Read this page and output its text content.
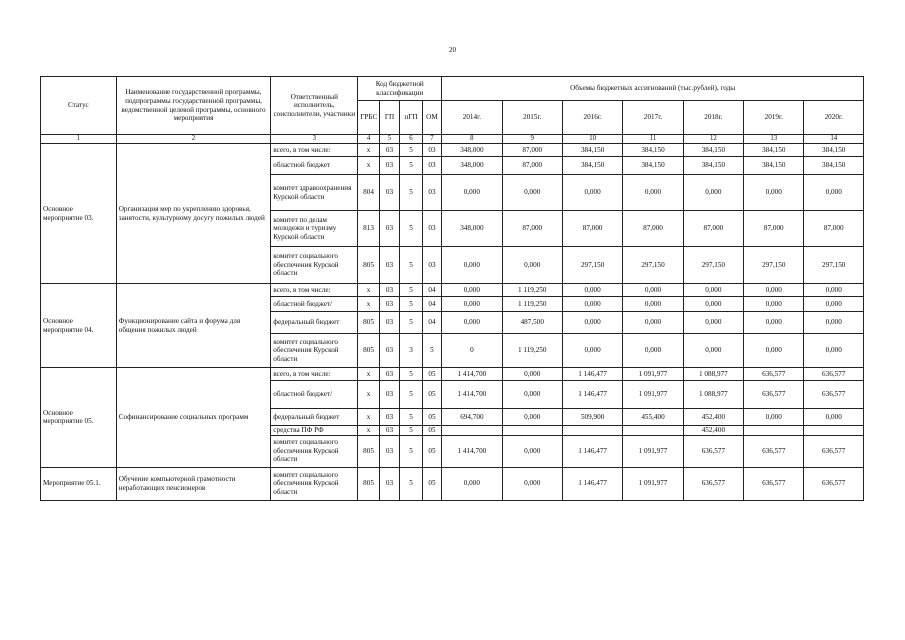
20
Статус	Наименование государственной программы, подпрограммы государственной программы, ведомственной целевой программы, основного мероприятия	Ответственный исполнитель, соисполнители, участники	Код бюджетной классификации				Объемы бюджетных ассигнований (тыс.рублей), годы						
			ГРБС	ГП	пГП	ОМ	2014г.	2015г.	2016г.	2017г.	2018г.	2019г.	2020г.
1	2	3	4	5	6	7	8	9	10	11	12	13	14
Основное мероприятие 03.	Организация мер по укреплению здоровья, занятости, культурному досугу пожилых людей	всего, в том числе:	x	03	5	03	348,000	87,000	384,150	384,150	384,150	384,150	384,150
		областной бюджет	x	03	5	03	348,000	87,000	384,150	384,150	384,150	384,150	384,150
		комитет здравоохранения Курской области	804	03	5	03	0,000	0,000	0,000	0,000	0,000	0,000	0,000
		комитет по делам молодежи и туризму Курской области	813	03	5	03	348,000	87,000	87,000	87,000	87,000	87,000	87,000
		комитет социального обеспечения Курской области	805	03	5	03	0,000	0,000	297,150	297,150	297,150	297,150	297,150
Основное мероприятие 04.	Функционирование сайта и форума для общения пожилых людей	всего, в том числе:	x	03	5	04	0,000	1 119,250	0,000	0,000	0,000	0,000	0,000
		областной бюджет/	x	03	5	04	0,000	1 119,250	0,000	0,000	0,000	0,000	0,000
		федеральный бюджет	805	03	5	04	0,000	487,500	0,000	0,000	0,000	0,000	0,000
		комитет социального обеспечения Курской области	805	03	3	5	0	1 119,250	0,000	0,000	0,000	0,000	0,000
Основное мероприятие 05.	Софинансирование социальных программ	всего, в том числе:	x	03	5	05	1 414,700	0,000	1 146,477	1 091,977	1 088,977	636,577	636,577
		областной бюджет/	x	03	5	05	1 414,700	0,000	1 146,477	1 091,977	1 088,977	636,577	636,577
		федеральный бюджет	x	03	5	05	694,700	0,000	509,900	455,400	452,400	0,000	0,000
		средства ПФ РФ	x	03	5	05					452,400		
		комитет социального обеспечения Курской области	805	03	5	05	1 414,700	0,000	1 146,477	1 091,977	636,577	636,577	636,577
Мероприятие 05.1.	Обучение компьютерной грамотности неработающих пенсионеров	комитет социального обеспечения Курской области	805	03	5	05	0,000	0,000	1 146,477	1 091,977	636,577	636,577	636,577
